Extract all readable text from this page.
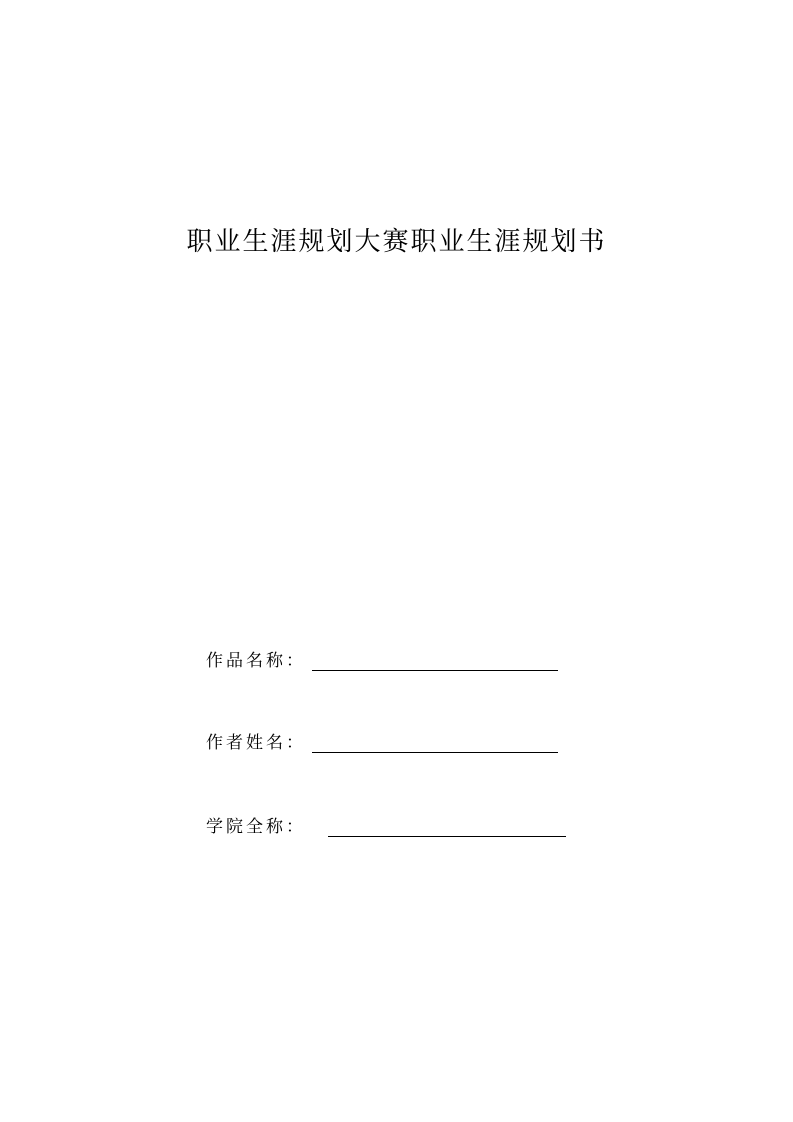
职业生涯规划大赛职业生涯规划书
作品名称：
作者姓名：
学院全称：
